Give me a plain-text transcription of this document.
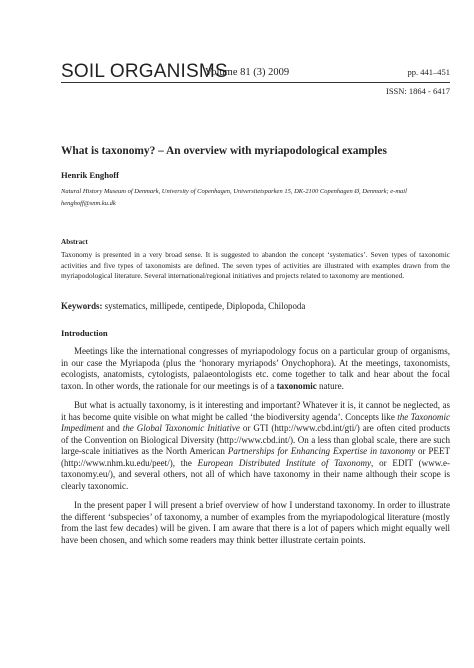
SOIL ORGANISMS
Volume 81 (3) 2009	pp. 441–451
ISSN: 1864 - 6417
What is taxonomy? – An overview with myriapodological examples
Henrik Enghoff
Natural History Museum of Denmark, University of Copenhagen, Universitetsparken 15, DK-2100 Copenhagen Ø, Denmark; e-mail henghoff@snm.ku.dk
Abstract
Taxonomy is presented in a very broad sense. It is suggested to abandon the concept ‘systematics’. Seven types of taxonomic activities and five types of taxonomists are defined. The seven types of activities are illustrated with examples drawn from the myriapodological literature. Several international/regional initiatives and projects related to taxonomy are mentioned.
Keywords: systematics, millipede, centipede, Diplopoda, Chilopoda
Introduction

Meetings like the international congresses of myriapodology focus on a particular group of organisms, in our case the Myriapoda (plus the ‘honorary myriapods’ Onychophora). At the meetings, taxonomists, ecologists, anatomists, cytologists, palaeontologists etc. come together to talk and hear about the focal taxon. In other words, the rationale for our meetings is of a taxonomic nature.

But what is actually taxonomy, is it interesting and important? Whatever it is, it cannot be neglected, as it has become quite visible on what might be called ‘the biodiversity agenda’. Concepts like the Taxonomic Impediment and the Global Taxonomic Initiative or GTI (http://www.cbd.int/gti/) are often cited products of the Convention on Biological Diversity (http://www.cbd.int/). On a less than global scale, there are such large-scale initiatives as the North American Partnerships for Enhancing Expertise in taxonomy or PEET (http://www.nhm.ku.edu/peet/), the European Distributed Institute of Taxonomy, or EDIT (www.e-taxonomy.eu/), and several others, not all of which have taxonomy in their name although their scope is clearly taxonomic.

In the present paper I will present a brief overview of how I understand taxonomy. In order to illustrate the different ‘subspecies’ of taxonomy, a number of examples from the myriapodological literature (mostly from the last few decades) will be given. I am aware that there is a lot of papers which might equally well have been chosen, and which some readers may think better illustrate certain points.
